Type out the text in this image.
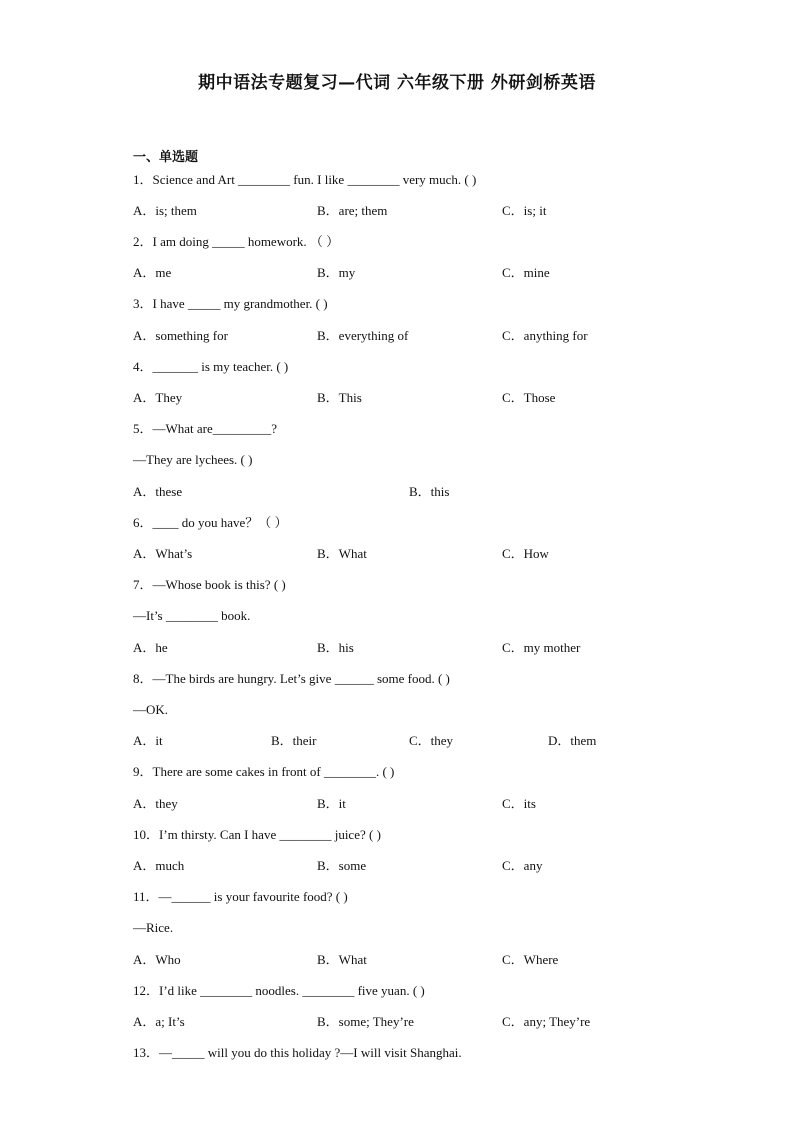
期中语法专题复习—代词 六年级下册 外研剑桥英语
一、单选题
1．Science and Art ________ fun. I like ________ very much. ( )
A．is; them	B．are; them	C．is; it
2．I am doing _____ homework. （ ）
A．me	B．my	C．mine
3．I have _____ my grandmother. ( )
A．something for	B．everything of	C．anything for
4．_______ is my teacher. ( )
A．They	B．This	C．Those
5．—What are_________?
—They are lychees. ( )
A．these	B．this
6．____ do you have？（ ）
A．What’s	B．What	C．How
7．—Whose book is this? ( )
—It’s ________ book.
A．he	B．his	C．my mother
8．—The birds are hungry. Let’s give ______ some food. ( )
—OK.
A．it	B．their	C．they	D．them
9．There are some cakes in front of ________. ( )
A．they	B．it	C．its
10．I’m thirsty. Can I have ________ juice? ( )
A．much	B．some	C．any
11．—______ is your favourite food? ( )
—Rice.
A．Who	B．What	C．Where
12．I’d like ________ noodles. ________ five yuan. ( )
A．a; It’s	B．some; They’re	C．any; They’re
13．—_____ will you do this holiday ?—I will visit Shanghai.
